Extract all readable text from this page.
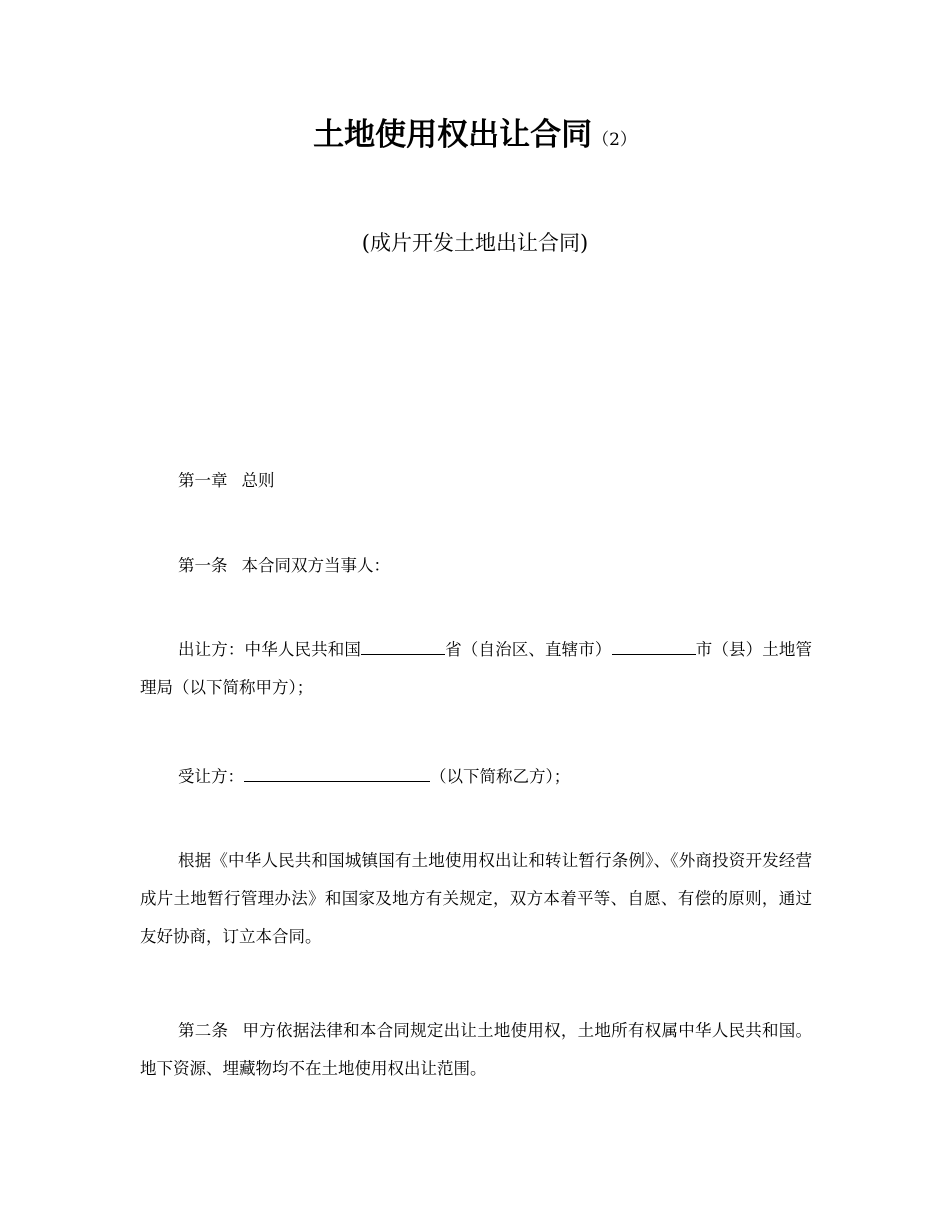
土地使用权出让合同（2）
(成片开发土地出让合同)

第一章 总则

第一条 本合同双方当事人：

出让方：中华人民共和国	省（自治区、直辖市）	市（县）土地管理局（以下简称甲方）；

受让方：	（以下简称乙方）；

根据《中华人民共和国城镇国有土地使用权出让和转让暂行条例》、《外商投资开发经营成片土地暂行管理办法》和国家及地方有关规定，双方本着平等、自愿、有偿的原则，通过友好协商，订立本合同。

第二条 甲方依据法律和本合同规定出让土地使用权，土地所有权属中华人民共和国。地下资源、埋藏物均不在土地使用权出让范围。
